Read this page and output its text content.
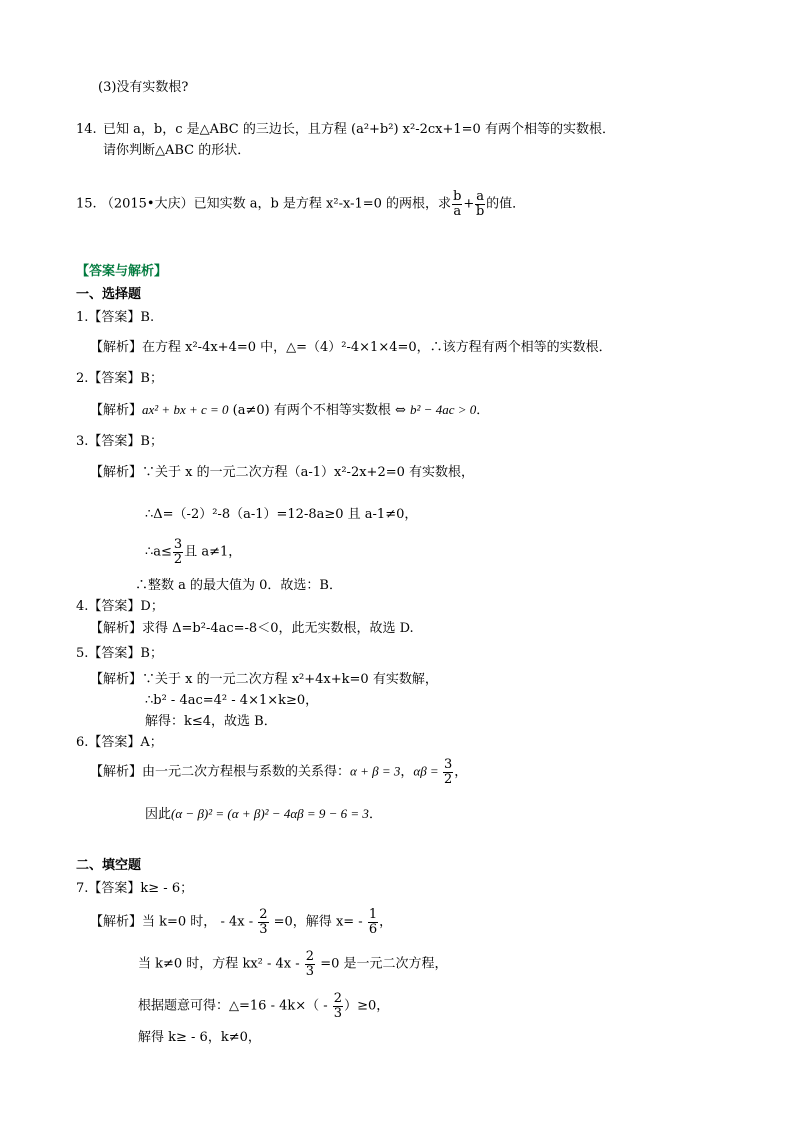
(3)没有实数根?
14. 已知 a，b，c 是△ABC 的三边长，且方程 (a²+b²) x²-2cx+1=0 有两个相等的实数根．
请你判断△ABC 的形状．
15. （2015•大庆）已知实数 a，b 是方程 x²-x-1=0 的两根，求 $\frac{b}{a} + \frac{a}{b}$ 的值．
【答案与解析】
一、选择题
1.【答案】B.
【解析】在方程 x²-4x+4=0 中，△=（4）²-4×1×4=0，∴该方程有两个相等的实数根．
2.【答案】B；
【解析】ax² + bx + c = 0 (a≠0) 有两个不相等实数根 ⇔ b² − 4ac > 0．
3.【答案】B；
【解析】∵关于 x 的一元二次方程（a-1）x²-2x+2=0 有实数根，
∴Δ=（-2）²-8（a-1）=12-8a≥0 且 a-1≠0，
∴a≤ $\frac{3}{2}$ 且 a≠1，
∴整数 a 的最大值为 0．故选：B．
4.【答案】D；
【解析】求得 Δ=b²-4ac=-8＜0，此无实数根，故选 D.
5.【答案】B；
【解析】∵关于 x 的一元二次方程 x²+4x+k=0 有实数解，
∴b² - 4ac=4² - 4×1×k≥0，
解得：k≤4，故选 B．
6.【答案】A；
【解析】由一元二次方程根与系数的关系得：α + β = 3，$\alpha\beta = \frac{3}{2}$ ，
因此(α − β)² = (α + β)² − 4αβ = 9 − 6 = 3．
二、填空题
7.【答案】k≥ - 6；
【解析】当 k=0 时， - $4x - \frac{2}{3} =0$，解得 $x= - \frac{1}{6}$ ，
当 k≠0 时，方程 $kx^2 - 4x - \frac{2}{3} =0$ 是一元二次方程，
根据题意可得：△=16 - $4k\times( - \frac{2}{3} )\ge 0$，
解得 k≥ - 6，k≠0，
